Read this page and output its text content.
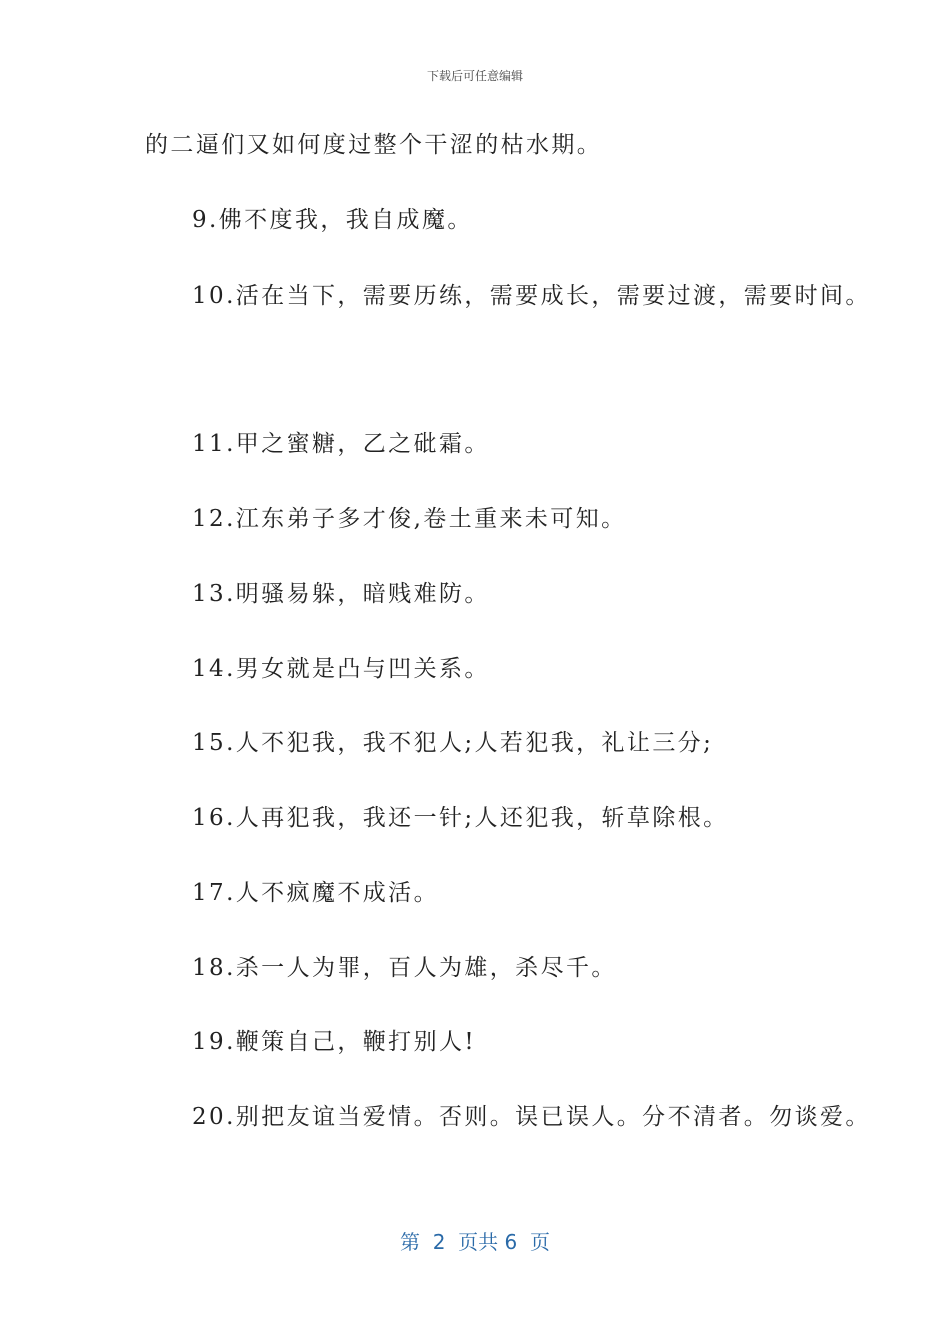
下载后可任意编辑
的二逼们又如何度过整个干涩的枯水期。
9.佛不度我，我自成魔。
10.活在当下，需要历练，需要成长，需要过渡，需要时间。
11.甲之蜜糖，乙之砒霜。
12.江东弟子多才俊,卷土重来未可知。
13.明骚易躲，暗贱难防。
14.男女就是凸与凹关系。
15.人不犯我，我不犯人;人若犯我，礼让三分;
16.人再犯我，我还一针;人还犯我，斩草除根。
17.人不疯魔不成活。
18.杀一人为罪，百人为雄，杀尽千。
19.鞭策自己，鞭打别人!
20.别把友谊当爱情。否则。误已误人。分不清者。勿谈爱。
第  2  页共 6  页
